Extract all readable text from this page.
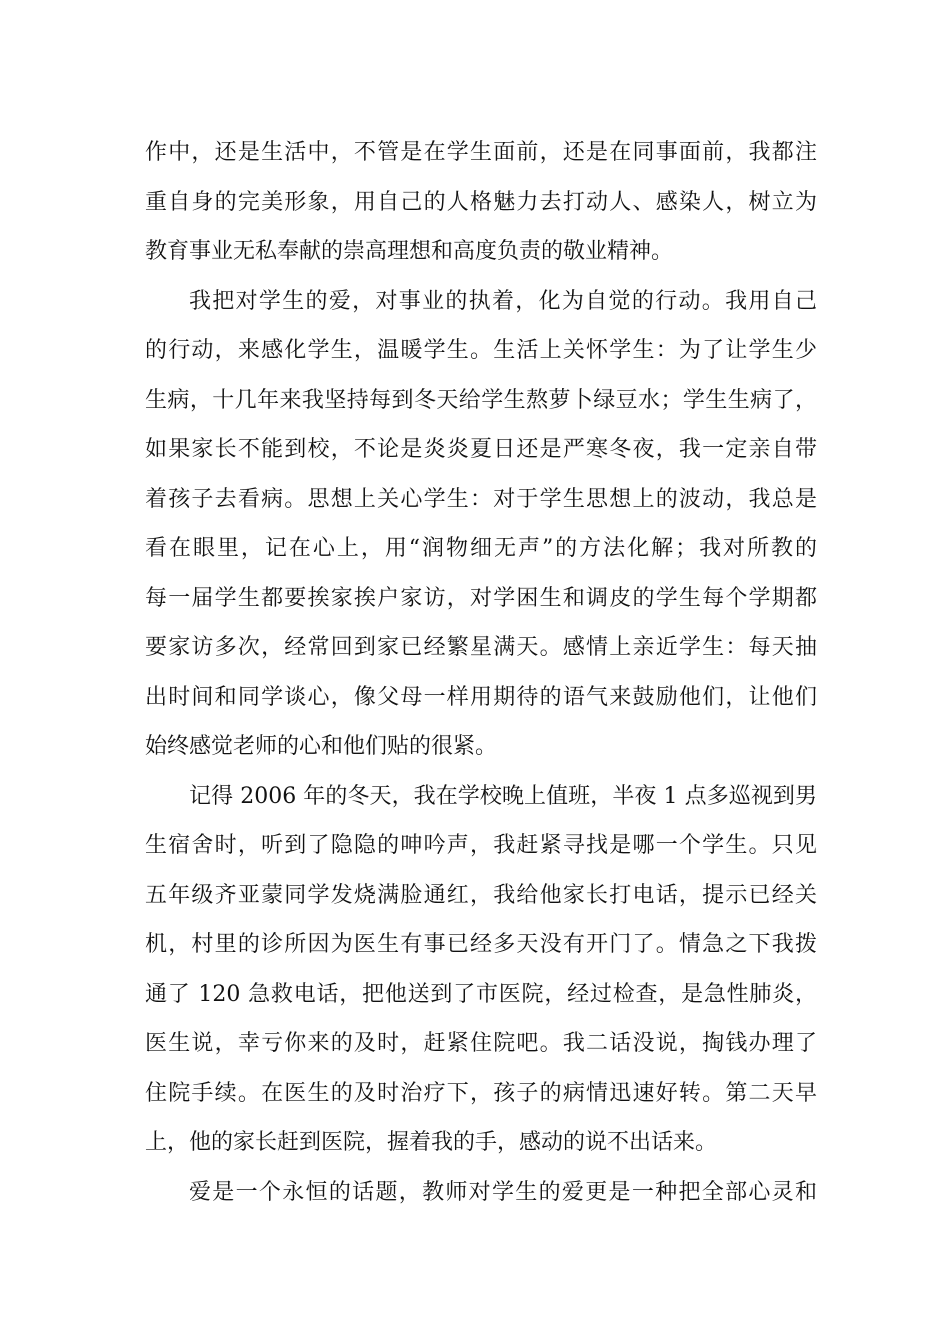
作中，还是生活中，不管是在学生面前，还是在同事面前，我都注
重自身的完美形象，用自己的人格魅力去打动人、感染人，树立为
教育事业无私奉献的崇高理想和高度负责的敬业精神。
我把对学生的爱，对事业的执着，化为自觉的行动。我用自己
的行动，来感化学生，温暖学生。生活上关怀学生：为了让学生少
生病，十几年来我坚持每到冬天给学生熬萝卜绿豆水；学生生病了，
如果家长不能到校，不论是炎炎夏日还是严寒冬夜，我一定亲自带
着孩子去看病。思想上关心学生：对于学生思想上的波动，我总是
看在眼里，记在心上，用“润物细无声”的方法化解；我对所教的
每一届学生都要挨家挨户家访，对学困生和调皮的学生每个学期都
要家访多次，经常回到家已经繁星满天。感情上亲近学生：每天抽
出时间和同学谈心，像父母一样用期待的语气来鼓励他们，让他们
始终感觉老师的心和他们贴的很紧。
记得 2006 年的冬天，我在学校晚上值班，半夜 1 点多巡视到男
生宿舍时，听到了隐隐的呻吟声，我赶紧寻找是哪一个学生。只见
五年级齐亚蒙同学发烧满脸通红，我给他家长打电话，提示已经关
机，村里的诊所因为医生有事已经多天没有开门了。情急之下我拨
通了 120 急救电话，把他送到了市医院，经过检查，是急性肺炎，
医生说，幸亏你来的及时，赶紧住院吧。我二话没说，掏钱办理了
住院手续。在医生的及时治疗下，孩子的病情迅速好转。第二天早
上，他的家长赶到医院，握着我的手，感动的说不出话来。
爱是一个永恒的话题，教师对学生的爱更是一种把全部心灵和
